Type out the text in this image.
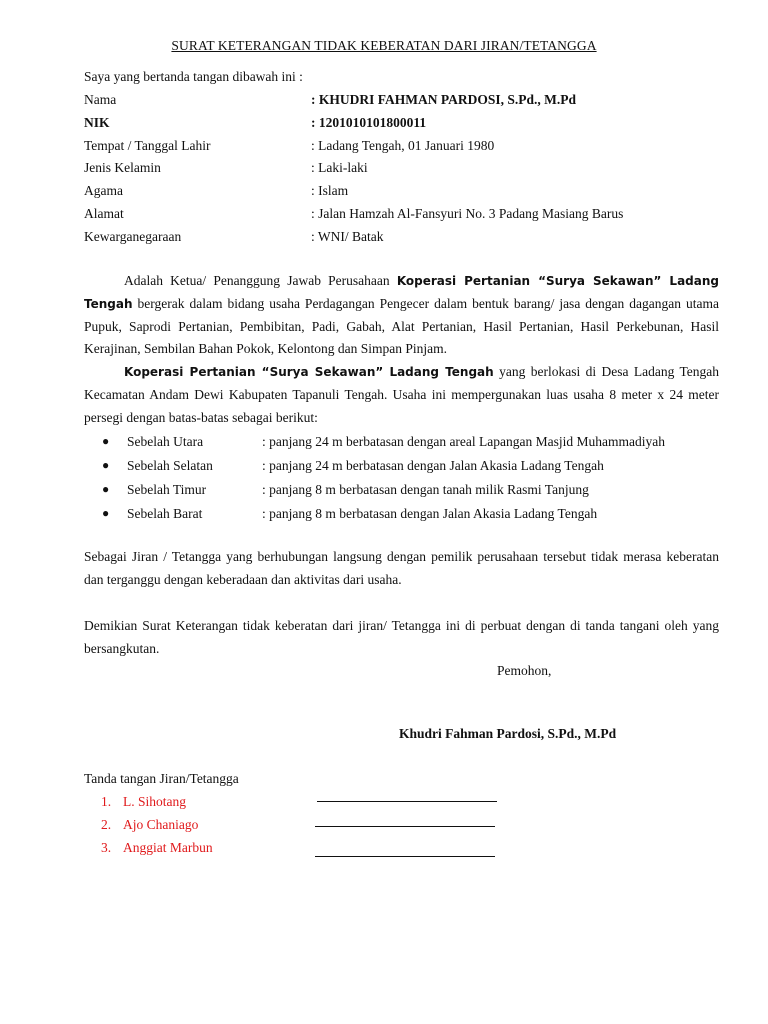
SURAT KETERANGAN TIDAK KEBERATAN DARI JIRAN/TETANGGA
Saya yang bertanda tangan dibawah ini :
Nama	: KHUDRI FAHMAN PARDOSI, S.Pd., M.Pd
NIK	: 1201010101800011
Tempat / Tanggal Lahir	: Ladang Tengah, 01 Januari 1980
Jenis Kelamin	: Laki-laki
Agama	: Islam
Alamat	: Jalan Hamzah Al-Fansyuri No. 3 Padang Masiang Barus
Kewarganegaraan	: WNI/ Batak
Adalah Ketua/ Penanggung Jawab Perusahaan Koperasi Pertanian “Surya Sekawan” Ladang Tengah bergerak dalam bidang usaha Perdagangan Pengecer dalam bentuk barang/ jasa dengan dagangan utama Pupuk, Saprodi Pertanian, Pembibitan, Padi, Gabah, Alat Pertanian, Hasil Pertanian, Hasil Perkebunan, Hasil Kerajinan, Sembilan Bahan Pokok, Kelontong dan Simpan Pinjam.
Koperasi Pertanian “Surya Sekawan” Ladang Tengah yang berlokasi di Desa Ladang Tengah Kecamatan Andam Dewi Kabupaten Tapanuli Tengah. Usaha ini mempergunakan luas usaha 8 meter x 24 meter persegi dengan batas-batas sebagai berikut:
● Sebelah Utara	: panjang 24 m berbatasan dengan areal Lapangan Masjid Muhammadiyah
● Sebelah Selatan	: panjang 24 m berbatasan dengan Jalan Akasia Ladang Tengah
● Sebelah Timur	: panjang 8 m berbatasan dengan tanah milik Rasmi Tanjung
● Sebelah Barat	: panjang 8 m berbatasan dengan Jalan Akasia Ladang Tengah
Sebagai Jiran / Tetangga yang berhubungan langsung dengan pemilik perusahaan tersebut tidak merasa keberatan dan terganggu dengan keberadaan dan aktivitas dari usaha.
Demikian Surat Keterangan tidak keberatan dari jiran/ Tetangga ini di perbuat dengan di tanda tangani oleh yang bersangkutan.
Pemohon,
Khudri Fahman Pardosi, S.Pd., M.Pd
Tanda tangan Jiran/Tetangga
1. L. Sihotang
2. Ajo Chaniago
3. Anggiat Marbun
